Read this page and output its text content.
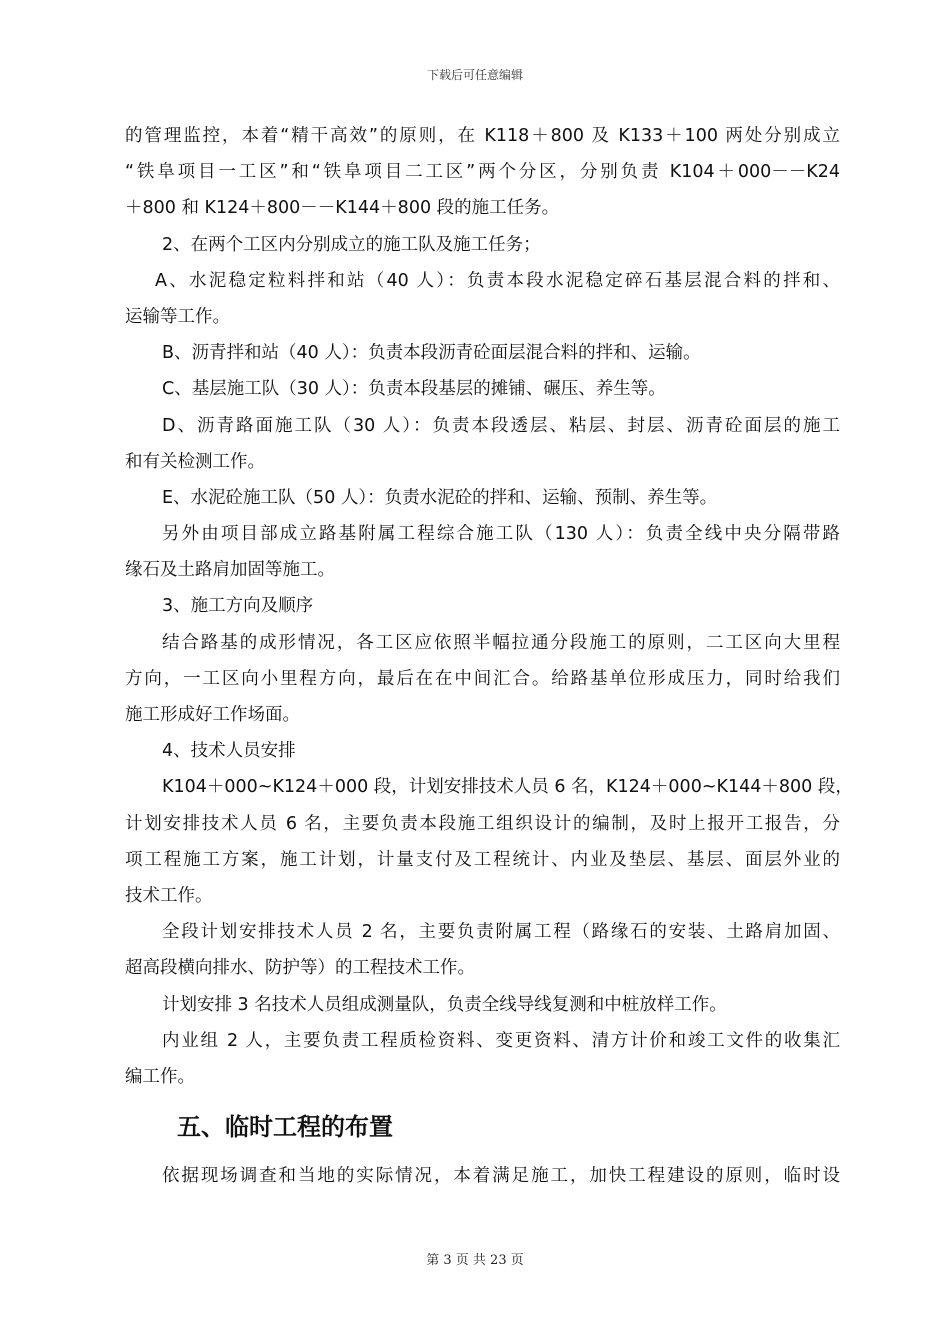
下载后可任意编辑
的管理监控，本着“精干高效”的原则，在 K118＋800 及 K133＋100 两处分别成立
“铁阜项目一工区”和“铁阜项目二工区”两个分区，分别负责 K104＋000－－K24
＋800 和 K124＋800－－K144＋800 段的施工任务。
2、在两个工区内分别成立的施工队及施工任务；
A、水泥稳定粒料拌和站（40 人）：负责本段水泥稳定碎石基层混合料的拌和、
运输等工作。
B、沥青拌和站（40 人）：负责本段沥青砼面层混合料的拌和、运输。
C、基层施工队（30 人）：负责本段基层的摊铺、碾压、养生等。
D、沥青路面施工队（30 人）：负责本段透层、粘层、封层、沥青砼面层的施工
和有关检测工作。
E、水泥砼施工队（50 人）：负责水泥砼的拌和、运输、预制、养生等。
另外由项目部成立路基附属工程综合施工队（130 人）：负责全线中央分隔带路
缘石及土路肩加固等施工。
3、施工方向及顺序
结合路基的成形情况，各工区应依照半幅拉通分段施工的原则，二工区向大里程
方向，一工区向小里程方向，最后在在中间汇合。给路基单位形成压力，同时给我们
施工形成好工作场面。
4、技术人员安排
K104＋000~K124＋000 段，计划安排技术人员 6 名，K124＋000~K144＋800 段，
计划安排技术人员 6 名，主要负责本段施工组织设计的编制，及时上报开工报告，分
项工程施工方案，施工计划，计量支付及工程统计、内业及垫层、基层、面层外业的
技术工作。
全段计划安排技术人员 2 名，主要负责附属工程（路缘石的安装、土路肩加固、
超高段横向排水、防护等）的工程技术工作。
计划安排 3 名技术人员组成测量队，负责全线导线复测和中桩放样工作。
内业组 2 人，主要负责工程质检资料、变更资料、清方计价和竣工文件的收集汇
编工作。
五、临时工程的布置
依据现场调查和当地的实际情况，本着满足施工，加快工程建设的原则，临时设
第 3 页 共 23 页
